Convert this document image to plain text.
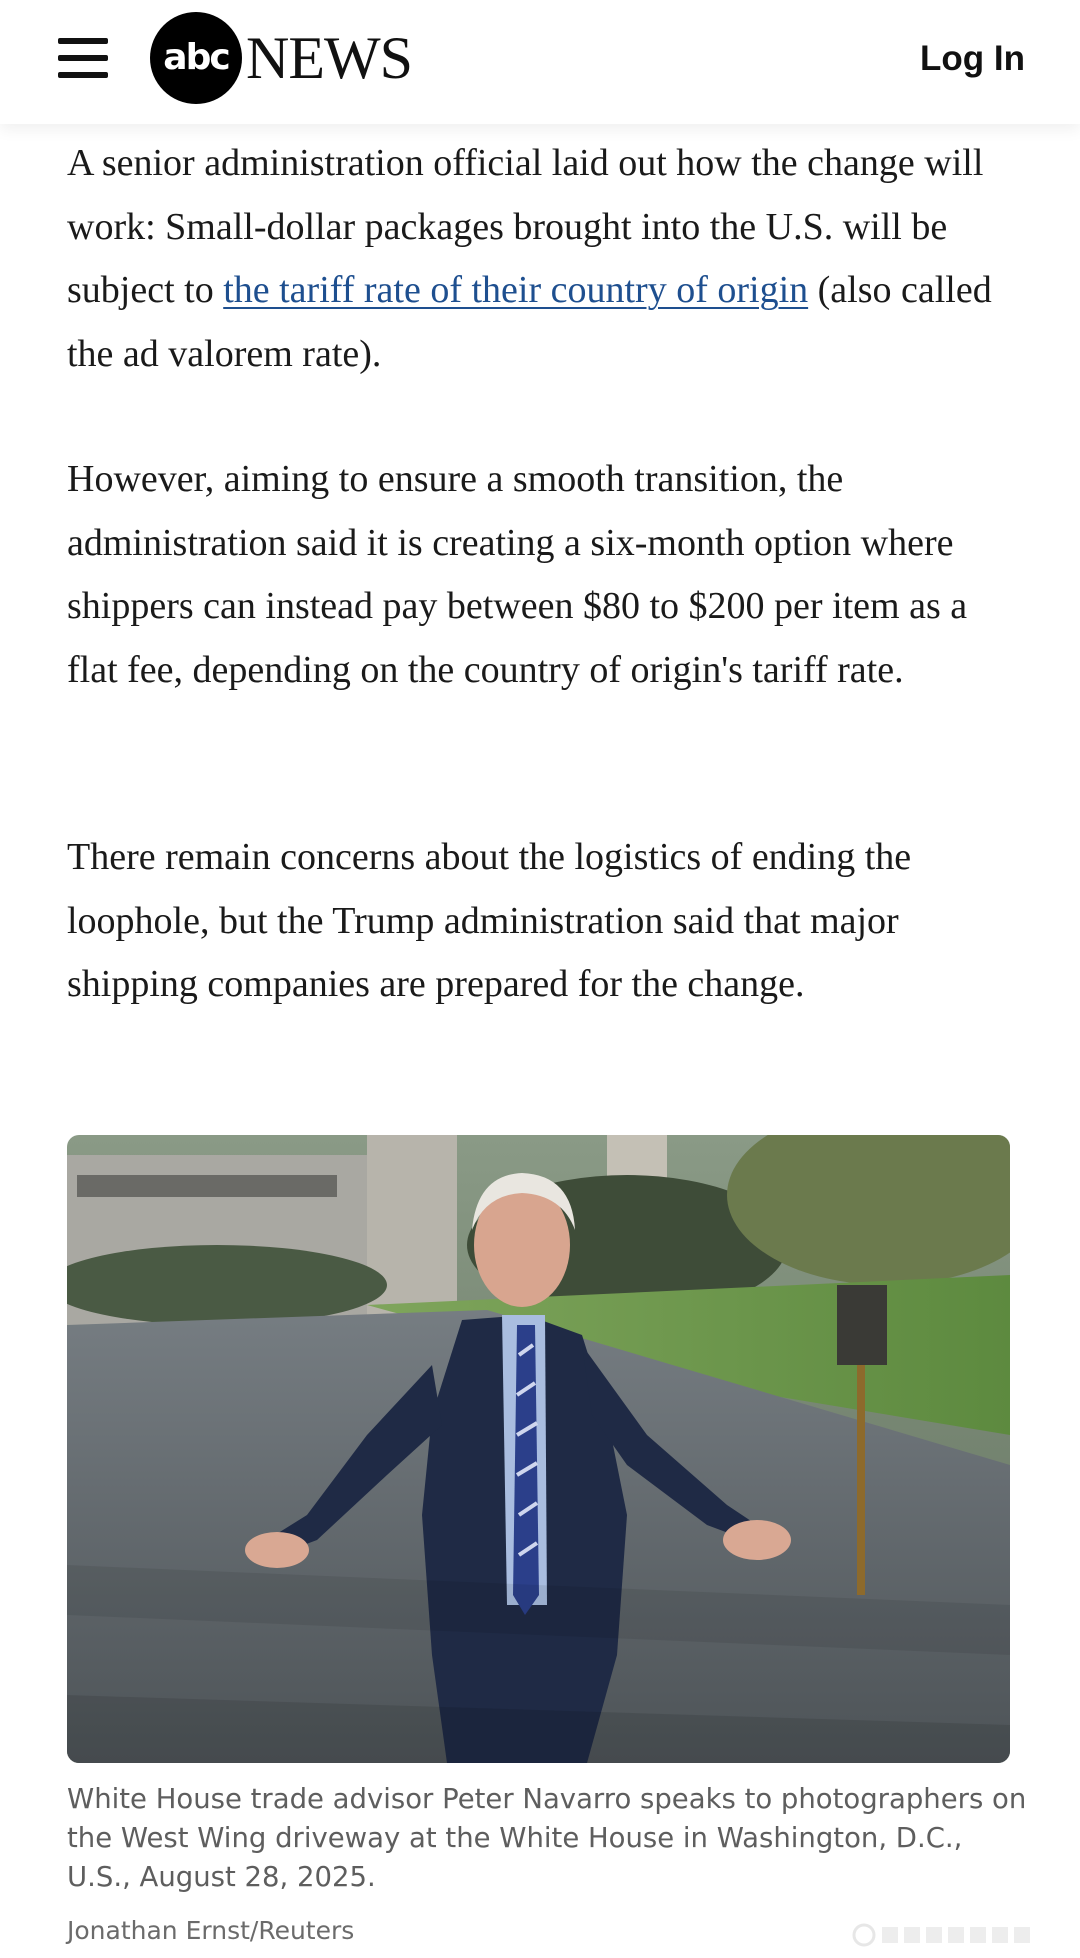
abc NEWS	Log In

A senior administration official laid out how the change will work: Small-dollar packages brought into the U.S. will be subject to the tariff rate of their country of origin (also called the ad valorem rate).

However, aiming to ensure a smooth transition, the administration said it is creating a six-month option where shippers can instead pay between $80 to $200 per item as a flat fee, depending on the country of origin's tariff rate.

There remain concerns about the logistics of ending the loophole, but the Trump administration said that major shipping companies are prepared for the change.

White House trade advisor Peter Navarro speaks to photographers on the West Wing driveway at the White House in Washington, D.C., U.S., August 28, 2025.

Jonathan Ernst/Reuters
